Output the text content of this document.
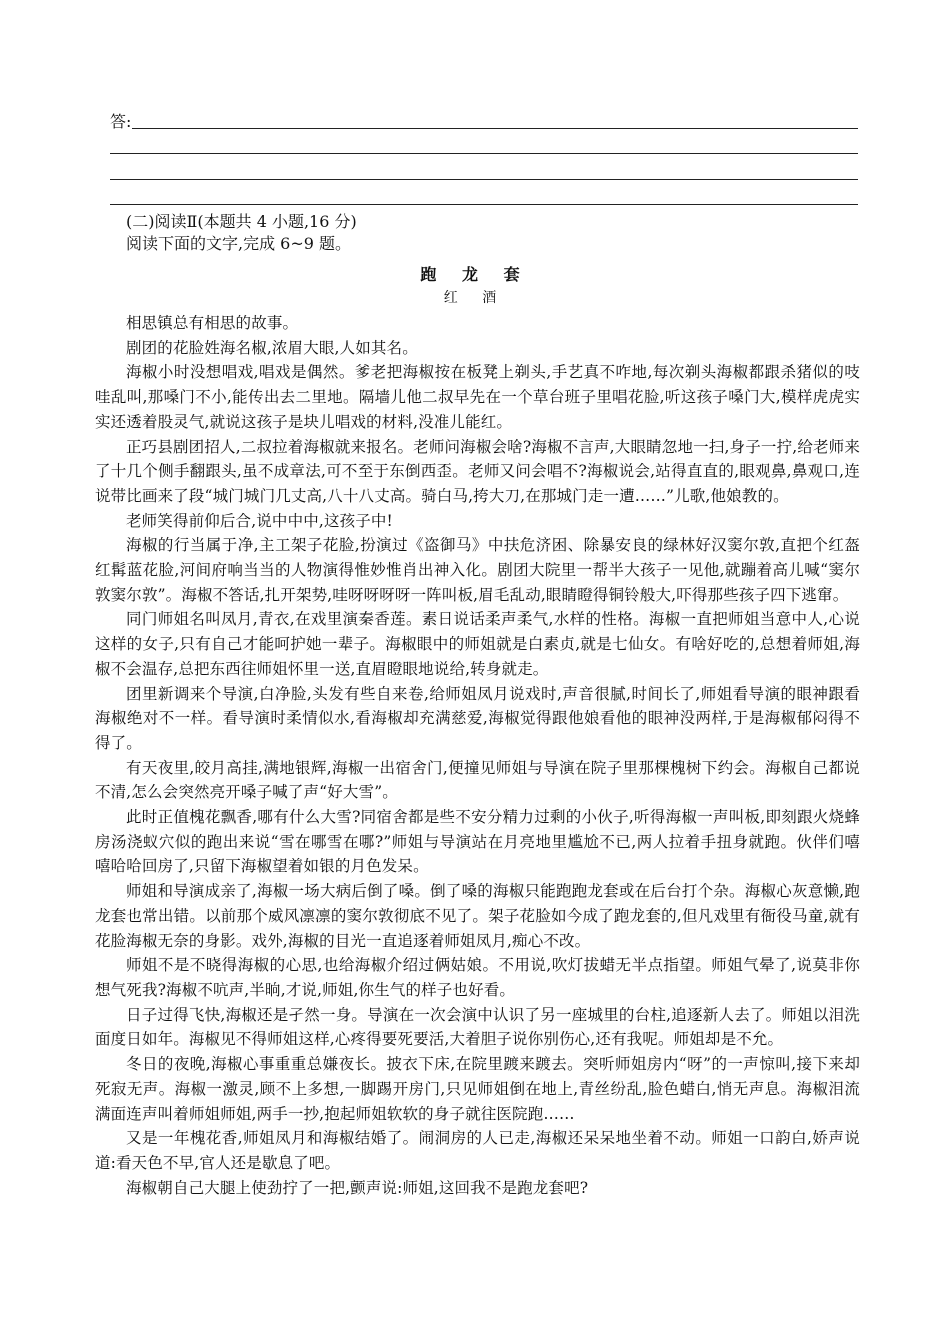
答:
(二)阅读Ⅱ(本题共 4 小题,16 分)
阅读下面的文字,完成 6~9 题。
跑 龙 套
红 酒

相思镇总有相思的故事。

剧团的花脸姓海名椒,浓眉大眼,人如其名。

海椒小时没想唱戏,唱戏是偶然。爹老把海椒按在板凳上剃头,手艺真不咋地,每次剃头海椒都跟杀猪似的吱哇乱叫,那嗓门不小,能传出去二里地。隔墙儿他二叔早先在一个草台班子里唱花脸,听这孩子嗓门大,模样虎虎实实还透着股灵气,就说这孩子是块儿唱戏的材料,没准儿能红。

正巧县剧团招人,二叔拉着海椒就来报名。老师问海椒会啥?海椒不言声,大眼睛忽地一扫,身子一拧,给老师来了十几个侧手翻跟头,虽不成章法,可不至于东倒西歪。老师又问会唱不?海椒说会,站得直直的,眼观鼻,鼻观口,连说带比画来了段“城门城门几丈高,八十八丈高。骑白马,挎大刀,在那城门走一遭……”儿歌,他娘教的。

老师笑得前仰后合,说中中中,这孩子中!

海椒的行当属于净,主工架子花脸,扮演过《盗御马》中扶危济困、除暴安良的绿林好汉窦尔敦,直把个红盔红髯蓝花脸,河间府响当当的人物演得惟妙惟肖出神入化。剧团大院里一帮半大孩子一见他,就蹦着高儿喊“窦尔敦窦尔敦”。海椒不答话,扎开架势,哇呀呀呀呀一阵叫板,眉毛乱动,眼睛瞪得铜铃般大,吓得那些孩子四下逃窜。

同门师姐名叫凤月,青衣,在戏里演秦香莲。素日说话柔声柔气,水样的性格。海椒一直把师姐当意中人,心说这样的女子,只有自己才能呵护她一辈子。海椒眼中的师姐就是白素贞,就是七仙女。有啥好吃的,总想着师姐,海椒不会温存,总把东西往师姐怀里一送,直眉瞪眼地说给,转身就走。

团里新调来个导演,白净脸,头发有些自来卷,给师姐凤月说戏时,声音很腻,时间长了,师姐看导演的眼神跟看海椒绝对不一样。看导演时柔情似水,看海椒却充满慈爱,海椒觉得跟他娘看他的眼神没两样,于是海椒郁闷得不得了。

有天夜里,皎月高挂,满地银辉,海椒一出宿舍门,便撞见师姐与导演在院子里那棵槐树下约会。海椒自己都说不清,怎么会突然亮开嗓子喊了声“好大雪”。

此时正值槐花飘香,哪有什么大雪?同宿舍都是些不安分精力过剩的小伙子,听得海椒一声叫板,即刻跟火烧蜂房汤浇蚁穴似的跑出来说“雪在哪雪在哪?”师姐与导演站在月亮地里尴尬不已,两人拉着手扭身就跑。伙伴们嘻嘻哈哈回房了,只留下海椒望着如银的月色发呆。

师姐和导演成亲了,海椒一场大病后倒了嗓。倒了嗓的海椒只能跑跑龙套或在后台打个杂。海椒心灰意懒,跑龙套也常出错。以前那个威风凛凛的窦尔敦彻底不见了。架子花脸如今成了跑龙套的,但凡戏里有衙役马童,就有花脸海椒无奈的身影。戏外,海椒的目光一直追逐着师姐凤月,痴心不改。

师姐不是不晓得海椒的心思,也给海椒介绍过俩姑娘。不用说,吹灯拔蜡无半点指望。师姐气晕了,说莫非你想气死我?海椒不吭声,半晌,才说,师姐,你生气的样子也好看。

日子过得飞快,海椒还是孑然一身。导演在一次会演中认识了另一座城里的台柱,追逐新人去了。师姐以泪洗面度日如年。海椒见不得师姐这样,心疼得要死要活,大着胆子说你别伤心,还有我呢。师姐却是不允。

冬日的夜晚,海椒心事重重总嫌夜长。披衣下床,在院里踱来踱去。突听师姐房内“呀”的一声惊叫,接下来却死寂无声。海椒一激灵,顾不上多想,一脚踢开房门,只见师姐倒在地上,青丝纷乱,脸色蜡白,悄无声息。海椒泪流满面连声叫着师姐师姐,两手一抄,抱起师姐软软的身子就往医院跑……

又是一年槐花香,师姐凤月和海椒结婚了。闹洞房的人已走,海椒还呆呆地坐着不动。师姐一口韵白,娇声说道:看天色不早,官人还是歇息了吧。

海椒朝自己大腿上使劲拧了一把,颤声说:师姐,这回我不是跑龙套吧?
